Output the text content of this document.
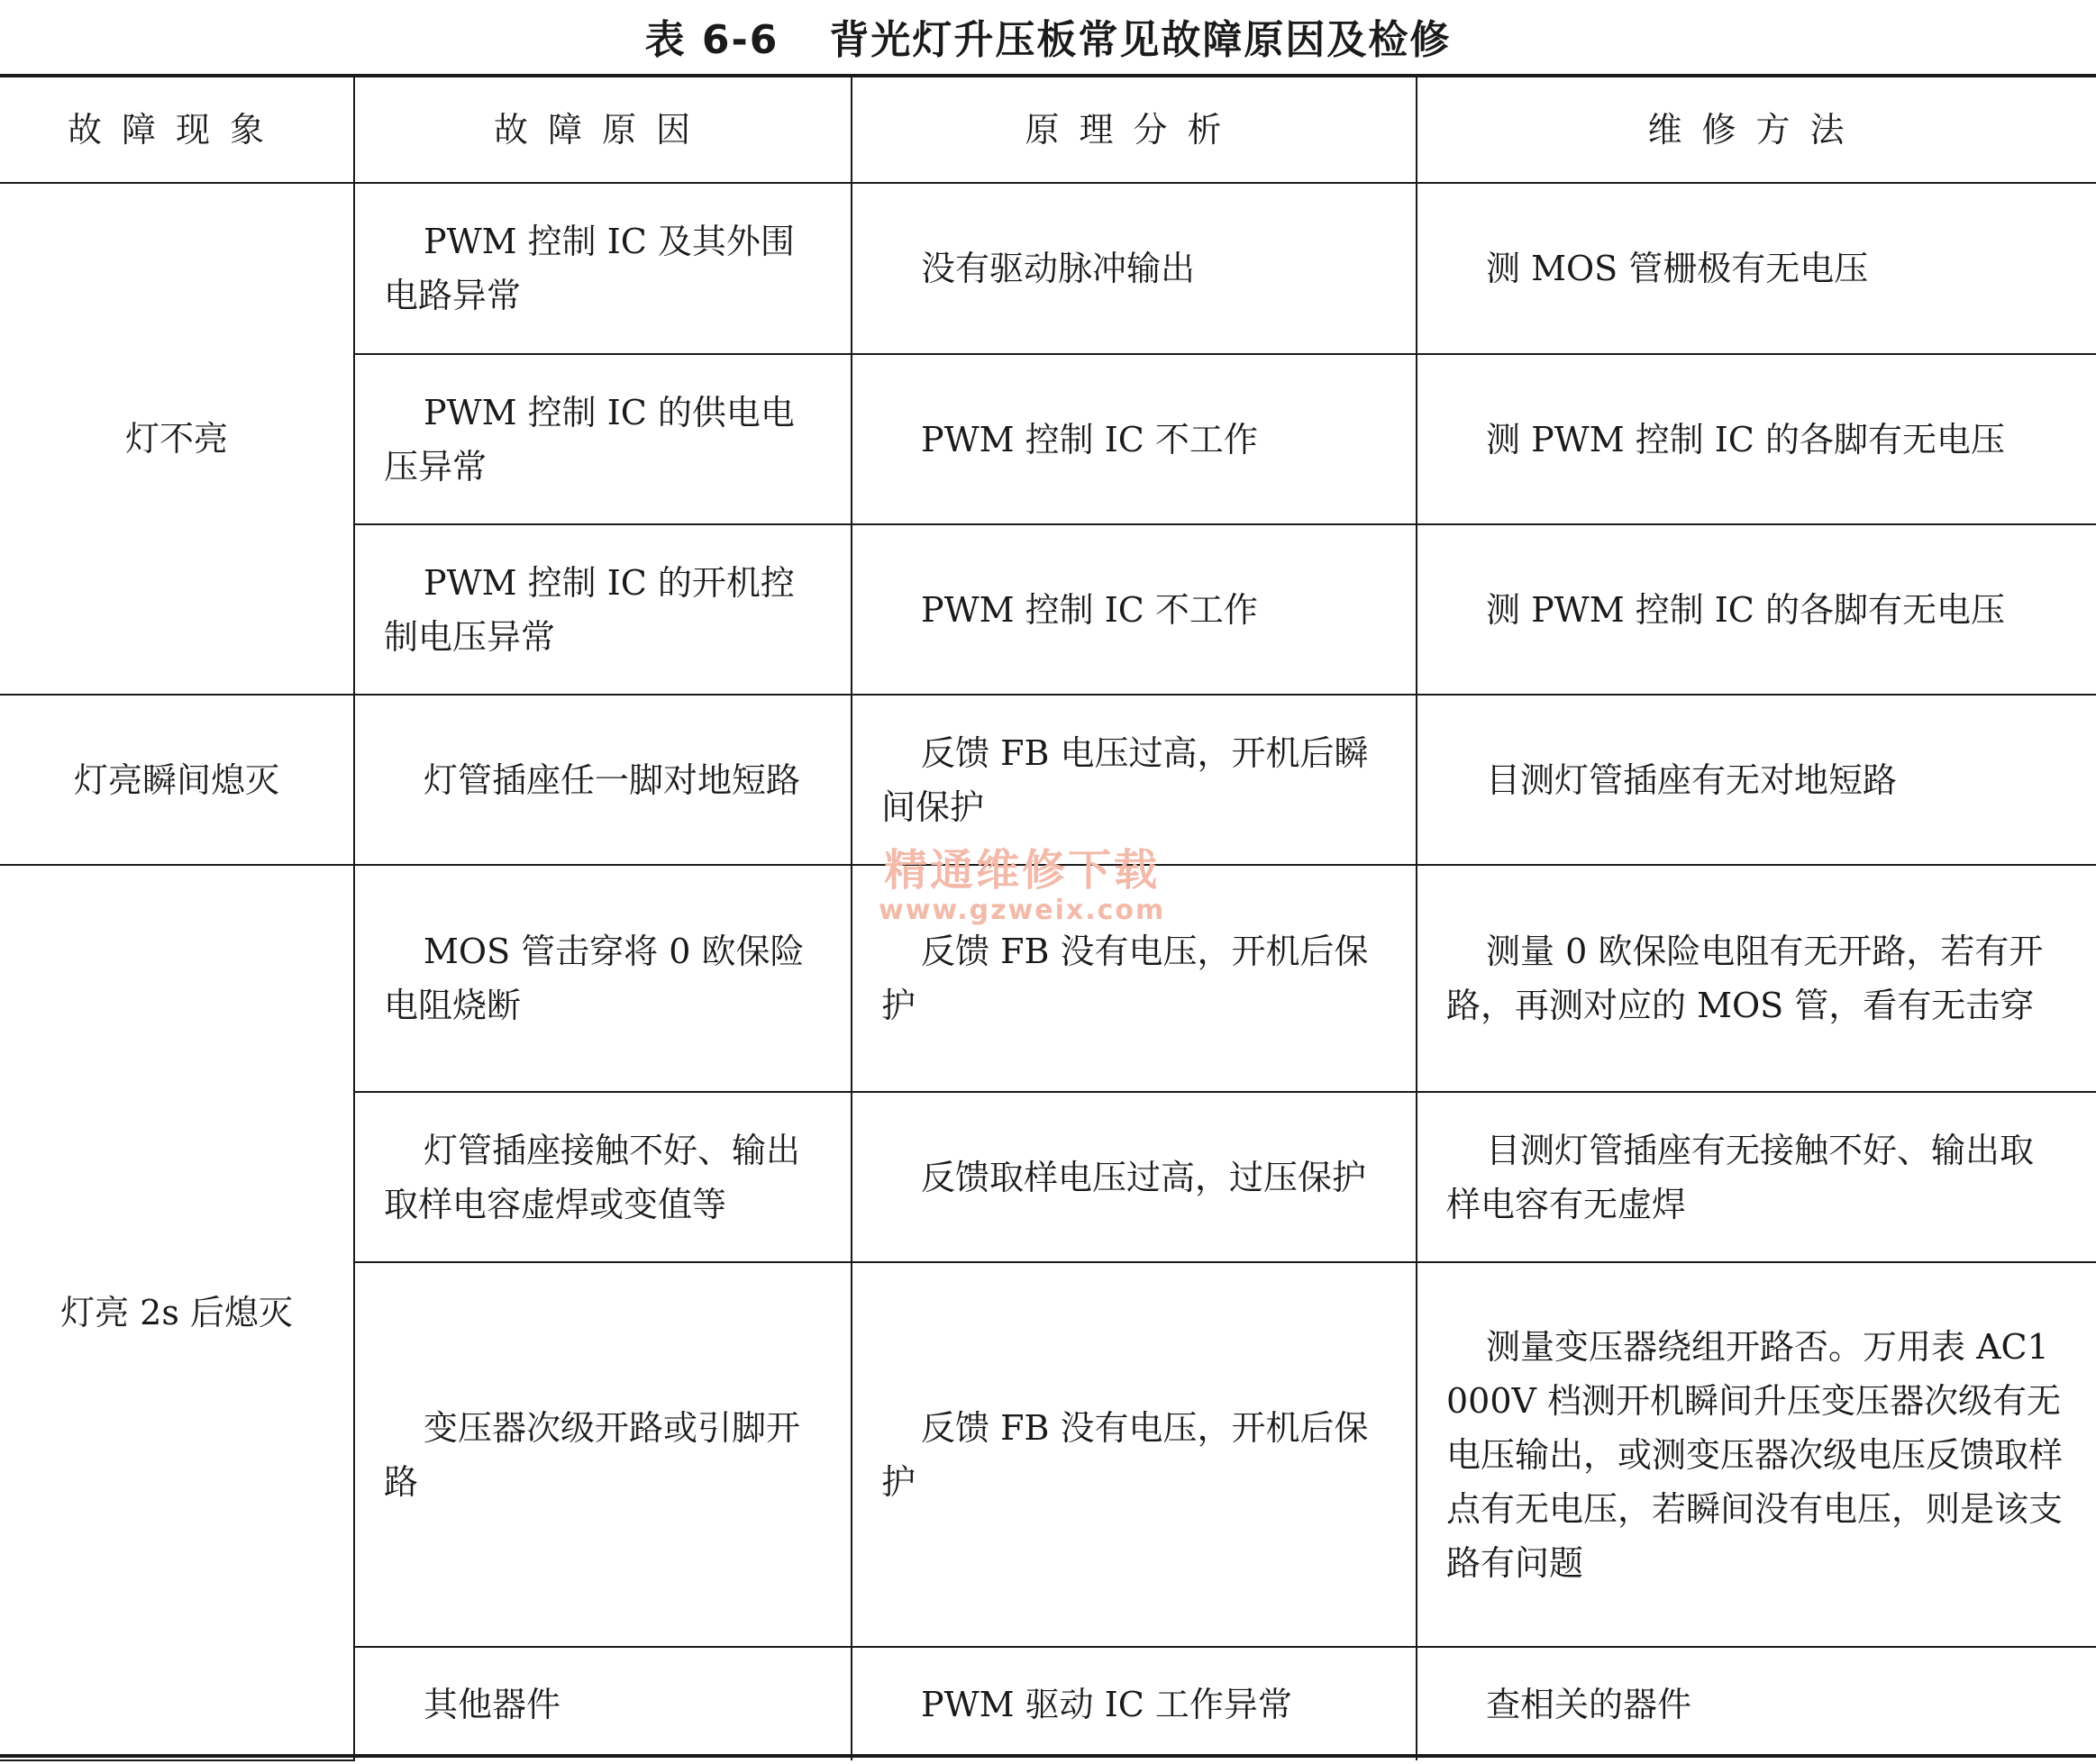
表 6-6 背光灯升压板常见故障原因及检修
故障现象	故障原因	原理分析	维修方法
灯不亮	PWM 控制 IC 及其外围电路异常	没有驱动脉冲输出	测 MOS 管栅极有无电压
	PWM 控制 IC 的供电电压异常	PWM 控制 IC 不工作	测 PWM 控制 IC 的各脚有无电压
	PWM 控制 IC 的开机控制电压异常	PWM 控制 IC 不工作	测 PWM 控制 IC 的各脚有无电压
灯亮瞬间熄灭	灯管插座任一脚对地短路	反馈 FB 电压过高，开机后瞬间保护	目测灯管插座有无对地短路
灯亮 2s 后熄灭	MOS 管击穿将 0 欧保险电阻烧断	反馈 FB 没有电压，开机后保护	测量 0 欧保险电阻有无开路，若有开路，再测对应的 MOS 管，看有无击穿
	灯管插座接触不好、输出取样电容虚焊或变值等	反馈取样电压过高，过压保护	目测灯管插座有无接触不好、输出取样电容有无虚焊
	变压器次级开路或引脚开路	反馈 FB 没有电压，开机后保护	测量变压器绕组开路否。万用表 AC1000V 档测开机瞬间升压变压器次级有无电压输出，或测变压器次级电压反馈取样点有无电压，若瞬间没有电压，则是该支路有问题
	其他器件	PWM 驱动 IC 工作异常	查相关的器件
精通维修下载
www.gzweix.com
